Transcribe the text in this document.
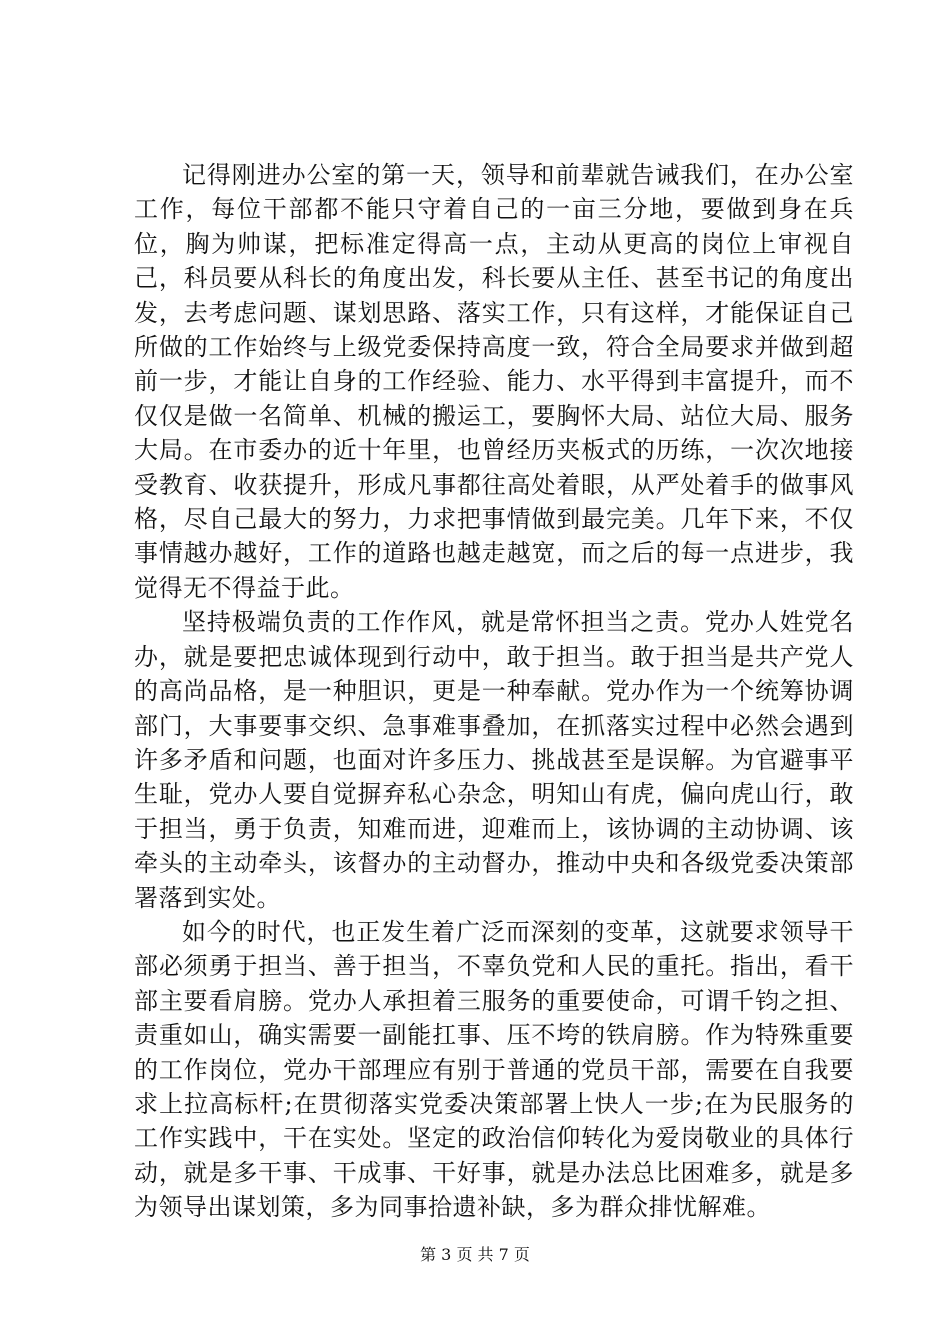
记得刚进办公室的第一天，领导和前辈就告诫我们，在办公室工作，每位干部都不能只守着自己的一亩三分地，要做到身在兵位，胸为帅谋，把标准定得高一点，主动从更高的岗位上审视自己，科员要从科长的角度出发，科长要从主任、甚至书记的角度出发，去考虑问题、谋划思路、落实工作，只有这样，才能保证自己所做的工作始终与上级党委保持高度一致，符合全局要求并做到超前一步，才能让自身的工作经验、能力、水平得到丰富提升，而不仅仅是做一名简单、机械的搬运工，要胸怀大局、站位大局、服务大局。在市委办的近十年里，也曾经历夹板式的历练，一次次地接受教育、收获提升，形成凡事都往高处着眼，从严处着手的做事风格，尽自己最大的努力，力求把事情做到最完美。几年下来，不仅事情越办越好，工作的道路也越走越宽，而之后的每一点进步，我觉得无不得益于此。

坚持极端负责的工作作风，就是常怀担当之责。党办人姓党名办，就是要把忠诚体现到行动中，敢于担当。敢于担当是共产党人的高尚品格，是一种胆识，更是一种奉献。党办作为一个统筹协调部门，大事要事交织、急事难事叠加，在抓落实过程中必然会遇到许多矛盾和问题，也面对许多压力、挑战甚至是误解。为官避事平生耻，党办人要自觉摒弃私心杂念，明知山有虎，偏向虎山行，敢于担当，勇于负责，知难而进，迎难而上，该协调的主动协调、该牵头的主动牵头，该督办的主动督办，推动中央和各级党委决策部署落到实处。

如今的时代，也正发生着广泛而深刻的变革，这就要求领导干部必须勇于担当、善于担当，不辜负党和人民的重托。指出，看干部主要看肩膀。党办人承担着三服务的重要使命，可谓千钧之担、责重如山，确实需要一副能扛事、压不垮的铁肩膀。作为特殊重要的工作岗位，党办干部理应有别于普通的党员干部，需要在自我要求上拉高标杆;在贯彻落实党委决策部署上快人一步;在为民服务的工作实践中，干在实处。坚定的政治信仰转化为爱岗敬业的具体行动，就是多干事、干成事、干好事，就是办法总比困难多，就是多为领导出谋划策，多为同事拾遗补缺，多为群众排忧解难。

第 3 页 共 7 页
